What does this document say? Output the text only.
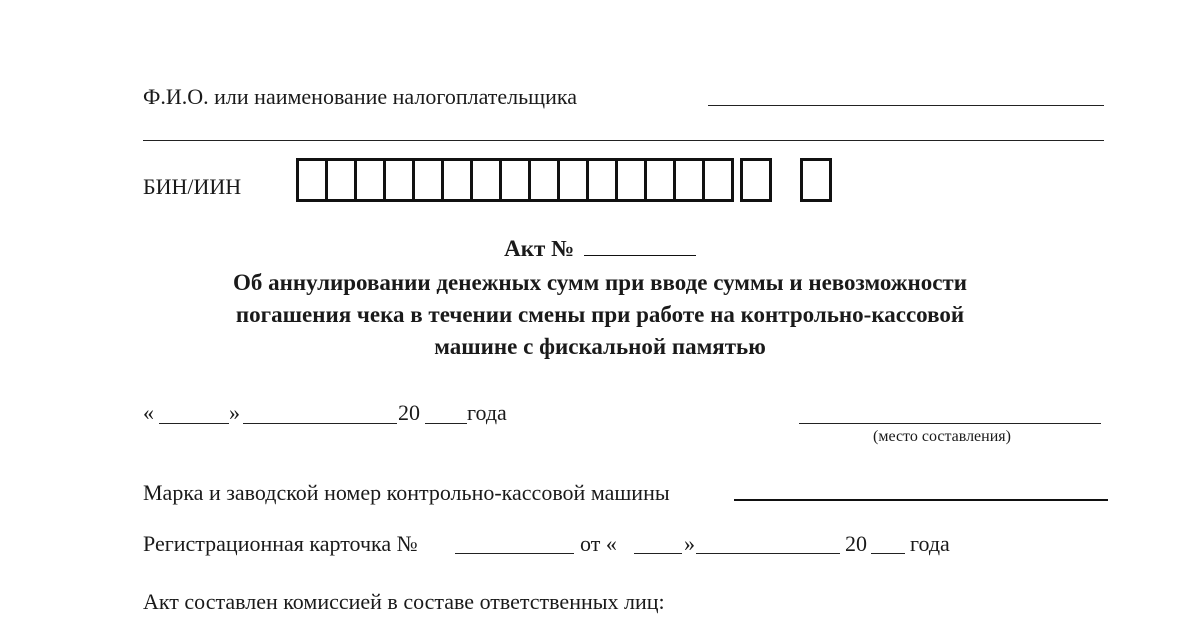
Ф.И.О. или наименование налогоплательщика
БИН/ИИН
Акт №
Об аннулировании денежных сумм при вводе суммы и невозможности
погашения чека в течении смены при работе на контрольно-кассовой
машине с фискальной памятью
«	»	20 года
(место составления)
Марка и заводской номер контрольно-кассовой машины
Регистрационная карточка №	от «	»	20 года
Акт составлен комиссией в составе ответственных лиц:
